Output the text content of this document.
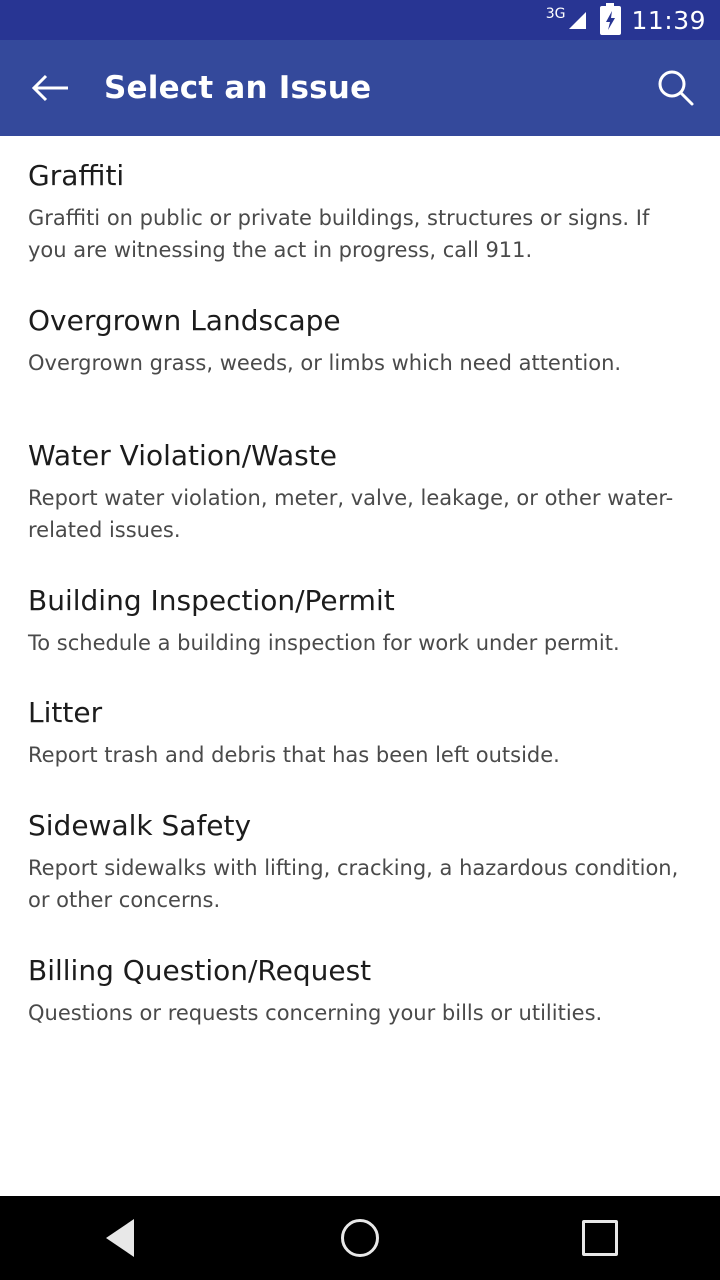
3G	11:39
Select an Issue
Graffiti
Graffiti on public or private buildings, structures or signs. If you are witnessing the act in progress, call 911.
Overgrown Landscape
Overgrown grass, weeds, or limbs which need attention.
Water Violation/Waste
Report water violation, meter, valve, leakage, or other water-related issues.
Building Inspection/Permit
To schedule a building inspection for work under permit.
Litter
Report trash and debris that has been left outside.
Sidewalk Safety
Report sidewalks with lifting, cracking, a hazardous condition, or other concerns.
Billing Question/Request
Questions or requests concerning your bills or utilities.
